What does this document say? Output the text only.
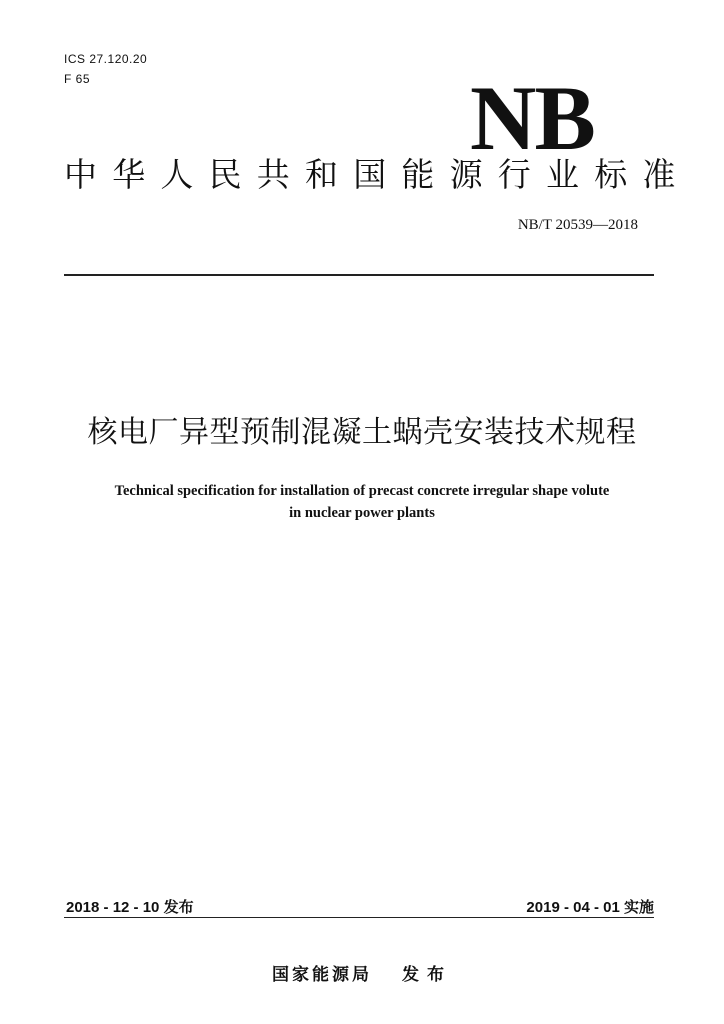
ICS 27.120.20
F 65	NB
中华人民共和国能源行业标准
NB/T 20539—2018
核电厂异型预制混凝土蜗壳安装技术规程
Technical specification for installation of precast concrete irregular shape volute
in nuclear power plants
2018 - 12 - 10 发布	2019 - 04 - 01 实施
国家能源局 发布
